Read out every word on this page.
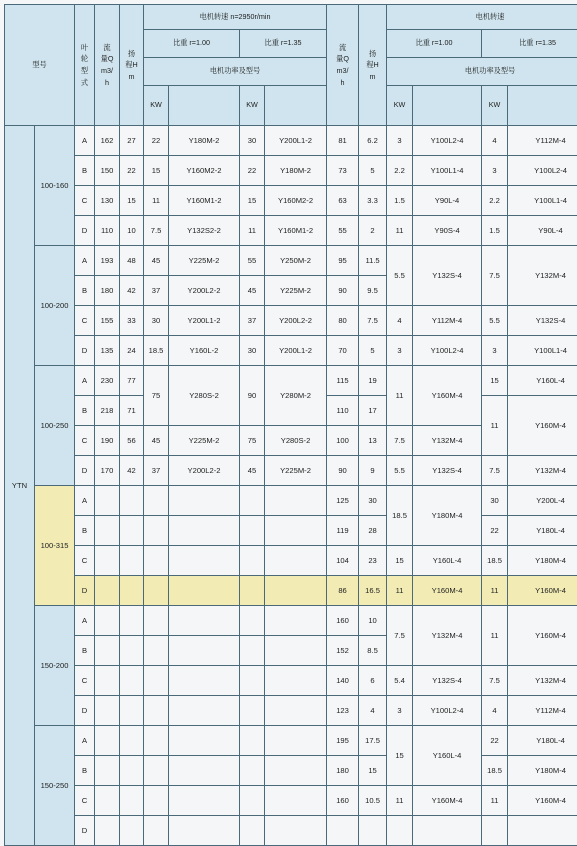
型号		叶轮型式	流量Q m3/h	扬程H m	电机转速 n=2950r/min				流量Q m3/h	扬程H m	电机转速			
					比重 r=1.00		比重 r=1.35				比重 r=1.00		比重 r=1.35	
					电机功率及型号						电机功率及型号			
					KW		KW				KW		KW	
YTN	100-160	A	162	27	22	Y180M-2	30	Y200L1-2	81	6.2	3	Y100L2-4	4	Y112M-4
		B	150	22	15	Y160M2-2	22	Y180M-2	73	5	2.2	Y100L1-4	3	Y100L2-4
		C	130	15	11	Y160M1-2	15	Y160M2-2	63	3.3	1.5	Y90L-4	2.2	Y100L1-4
		D	110	10	7.5	Y132S2-2	11	Y160M1-2	55	2	11	Y90S-4	1.5	Y90L-4
	100-200	A	193	48	45	Y225M-2	55	Y250M-2	95	11.5	5.5	Y132S-4	7.5	Y132M-4
		B	180	42	37	Y200L2-2	45	Y225M-2	90	9.5				
		C	155	33	30	Y200L1-2	37	Y200L2-2	80	7.5	4	Y112M-4	5.5	Y132S-4
		D	135	24	18.5	Y160L-2	30	Y200L1-2	70	5	3	Y100L2-4	3	Y100L1-4
	100-250	A	230	77	75	Y280S-2	90	Y280M-2	115	19	11	Y160M-4	15	Y160L-4
		B	218	71					110	17			11	Y160M-4
		C	190	56	45	Y225M-2	75	Y280S-2	100	13	7.5	Y132M-4		
		D	170	42	37	Y200L2-2	45	Y225M-2	90	9	5.5	Y132S-4	7.5	Y132M-4
	100-315	A							125	30	18.5	Y180M-4	30	Y200L-4
		B							119	28			22	Y180L-4
		C							104	23	15	Y160L-4	18.5	Y180M-4
		D							86	16.5	11	Y160M-4	11	Y160M-4
	150-200	A							160	10	7.5	Y132M-4	11	Y160M-4
		B							152	8.5				
		C							140	6	5.4	Y132S-4	7.5	Y132M-4
		D							123	4	3	Y100L2-4	4	Y112M-4
	150-250	A							195	17.5	15	Y160L-4	22	Y180L-4
		B							180	15			18.5	Y180M-4
		C							160	10.5	11	Y160M-4	11	Y160M-4
		D												
